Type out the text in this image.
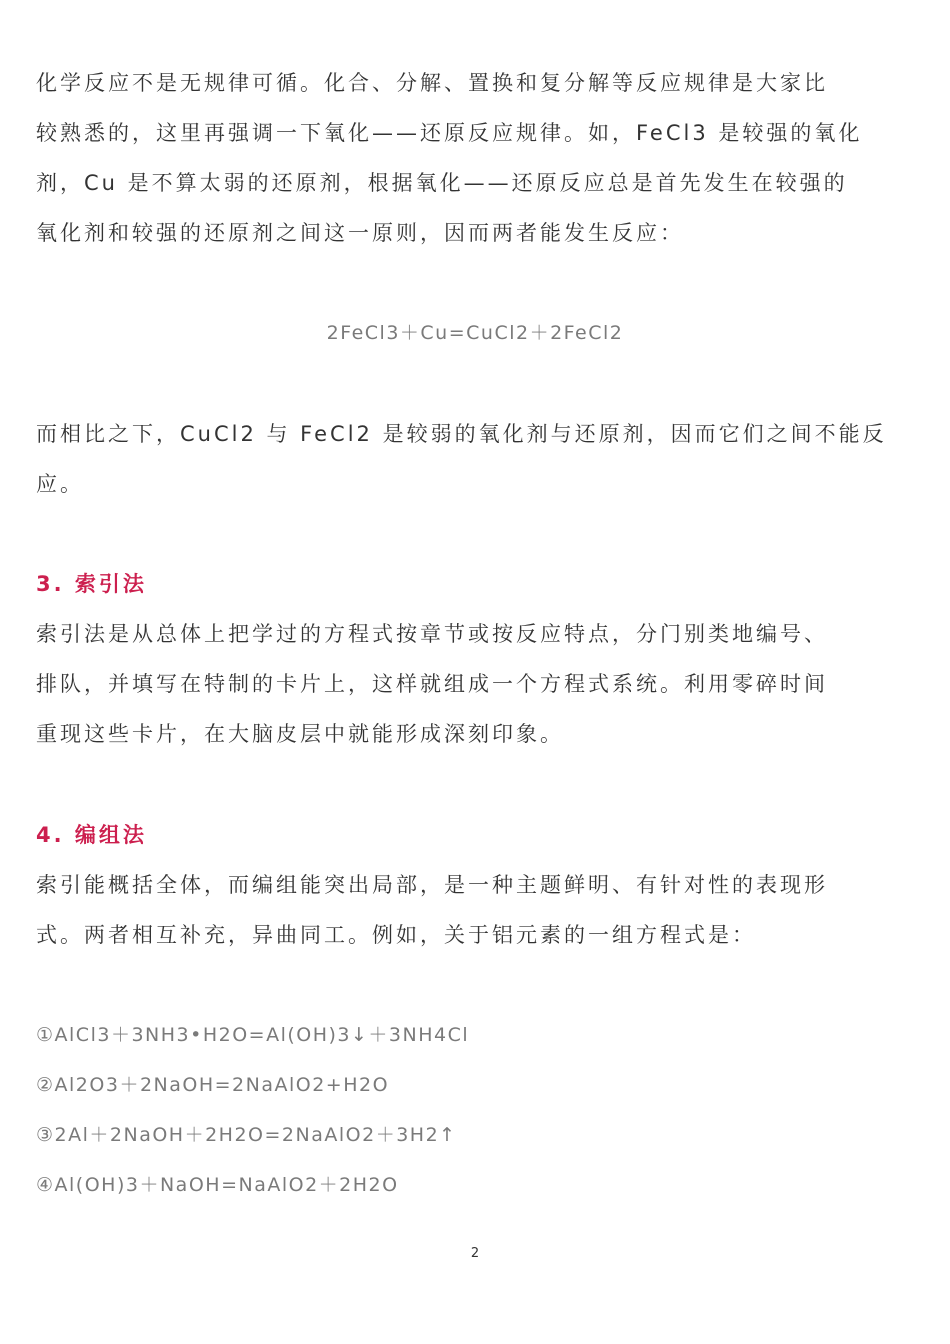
化学反应不是无规律可循。化合、分解、置换和复分解等反应规律是大家比
较熟悉的，这里再强调一下氧化——还原反应规律。如，FeCl3 是较强的氧化
剂，Cu 是不算太弱的还原剂，根据氧化——还原反应总是首先发生在较强的
氧化剂和较强的还原剂之间这一原则，因而两者能发生反应：
2FeCl3＋Cu=CuCl2＋2FeCl2
而相比之下，CuCl2 与 FeCl2 是较弱的氧化剂与还原剂，因而它们之间不能反
应。
3. 索引法
索引法是从总体上把学过的方程式按章节或按反应特点，分门别类地编号、
排队，并填写在特制的卡片上，这样就组成一个方程式系统。利用零碎时间
重现这些卡片，在大脑皮层中就能形成深刻印象。
4. 编组法
索引能概括全体，而编组能突出局部，是一种主题鲜明、有针对性的表现形
式。两者相互补充，异曲同工。例如，关于铝元素的一组方程式是：
①AlCl3＋3NH3•H2O=Al(OH)3↓＋3NH4Cl
②Al2O3＋2NaOH=2NaAlO2+H2O
③2Al＋2NaOH＋2H2O=2NaAlO2＋3H2↑
④Al(OH)3＋NaOH=NaAlO2＋2H2O
2
